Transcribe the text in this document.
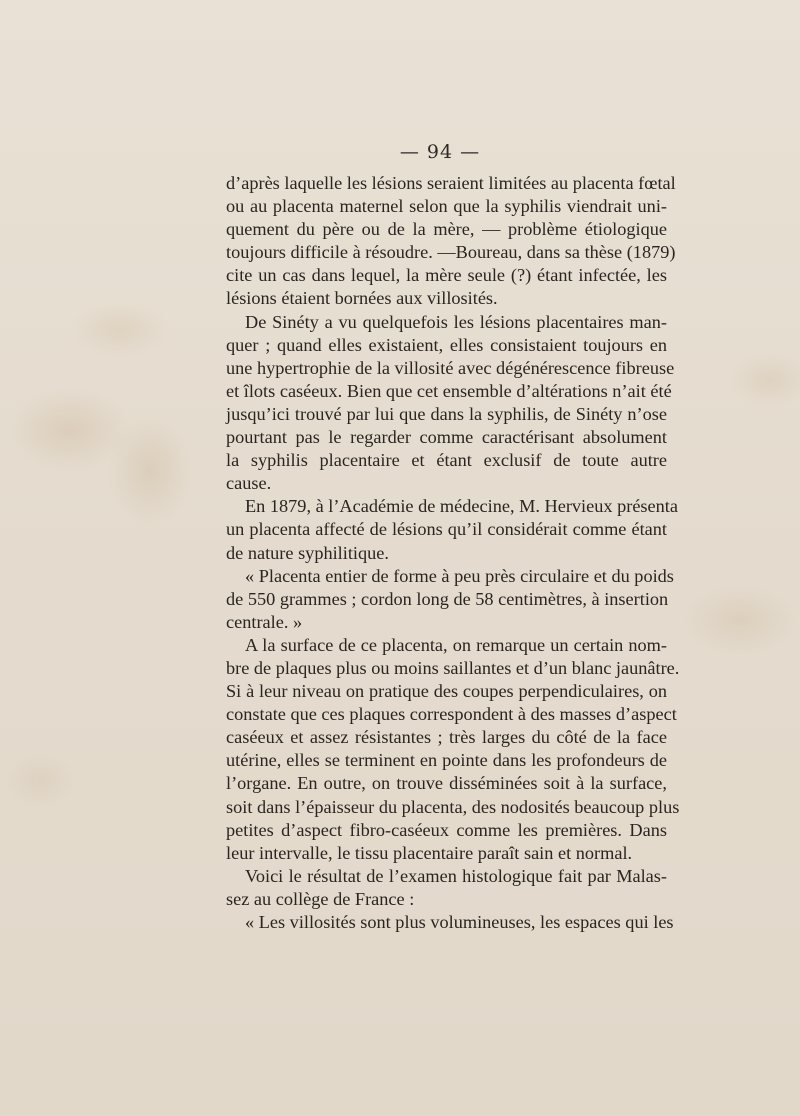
— 94 —

d’après laquelle les lésions seraient limitées au placenta fœtal
ou au placenta maternel selon que la syphilis viendrait uni-
quement du père ou de la mère, — problème étiologique
toujours difficile à résoudre. —Boureau, dans sa thèse (1879)
cite un cas dans lequel, la mère seule (?) étant infectée, les
lésions étaient bornées aux villosités.

De Sinéty a vu quelquefois les lésions placentaires man-
quer ; quand elles existaient, elles consistaient toujours en
une hypertrophie de la villosité avec dégénérescence fibreuse
et îlots caséeux. Bien que cet ensemble d’altérations n’ait été
jusqu’ici trouvé par lui que dans la syphilis, de Sinéty n’ose
pourtant pas le regarder comme caractérisant absolument
la syphilis placentaire et étant exclusif de toute autre
cause.

En 1879, à l’Académie de médecine, M. Hervieux présenta
un placenta affecté de lésions qu’il considérait comme étant
de nature syphilitique.

« Placenta entier de forme à peu près circulaire et du poids
de 550 grammes ; cordon long de 58 centimètres, à insertion
centrale. »

A la surface de ce placenta, on remarque un certain nom-
bre de plaques plus ou moins saillantes et d’un blanc jaunâtre.
Si à leur niveau on pratique des coupes perpendiculaires, on
constate que ces plaques correspondent à des masses d’aspect
caséeux et assez résistantes ; très larges du côté de la face
utérine, elles se terminent en pointe dans les profondeurs de
l’organe. En outre, on trouve disséminées soit à la surface,
soit dans l’épaisseur du placenta, des nodosités beaucoup plus
petites d’aspect fibro-caséeux comme les premières. Dans
leur intervalle, le tissu placentaire paraît sain et normal.

Voici le résultat de l’examen histologique fait par Malas-
sez au collège de France :

« Les villosités sont plus volumineuses, les espaces qui les
